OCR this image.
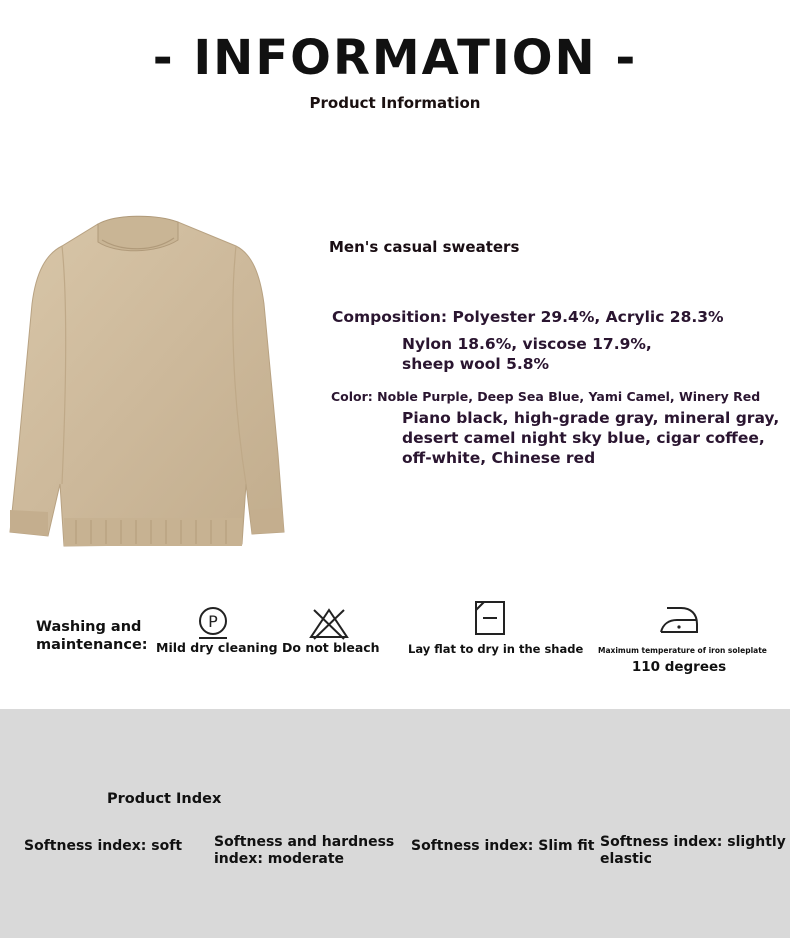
- INFORMATION -
Product Information
Men's casual sweaters
Composition: Polyester 29.4%, Acrylic 28.3%
Nylon 18.6%, viscose 17.9%,
sheep wool 5.8%
Color: Noble Purple, Deep Sea Blue, Yami Camel, Winery Red
Piano black, high-grade gray, mineral gray,
desert camel night sky blue, cigar coffee,
off-white, Chinese red
Washing and
maintenance:
P
Mild dry cleaning Do not bleach Lay flat to dry in the shade Maximum temperature of iron soleplate
110 degrees
Product Index
Softness index: soft Softness and hardness
index: moderate
Softness index: Slim fit Softness index: slightly
elastic
